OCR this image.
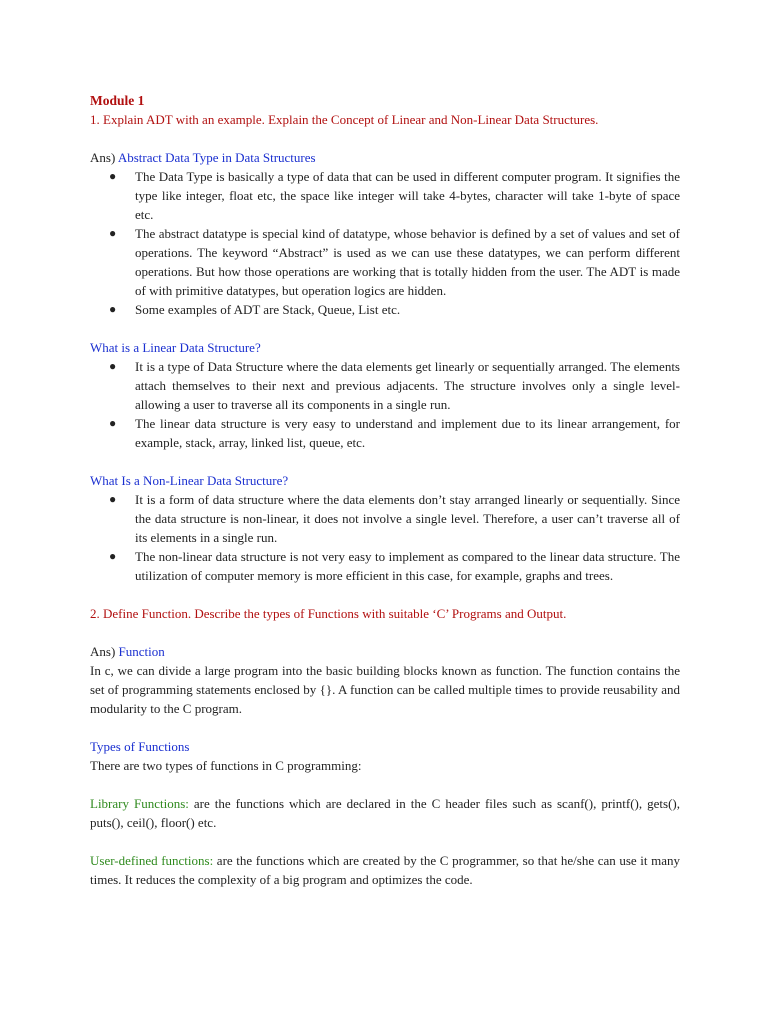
Module 1

1. Explain ADT with an example. Explain the Concept of Linear and Non-Linear Data Structures.

Ans) Abstract Data Type in Data Structures

● The Data Type is basically a type of data that can be used in different computer program. It signifies the type like integer, float etc, the space like integer will take 4-bytes, character will take 1-byte of space etc.
● The abstract datatype is special kind of datatype, whose behavior is defined by a set of values and set of operations. The keyword “Abstract” is used as we can use these datatypes, we can perform different operations. But how those operations are working that is totally hidden from the user. The ADT is made of with primitive datatypes, but operation logics are hidden.
● Some examples of ADT are Stack, Queue, List etc.

What is a Linear Data Structure?

● It is a type of Data Structure where the data elements get linearly or sequentially arranged. The elements attach themselves to their next and previous adjacents. The structure involves only a single level- allowing a user to traverse all its components in a single run.
● The linear data structure is very easy to understand and implement due to its linear arrangement, for example, stack, array, linked list, queue, etc.

What Is a Non-Linear Data Structure?

● It is a form of data structure where the data elements don’t stay arranged linearly or sequentially. Since the data structure is non-linear, it does not involve a single level. Therefore, a user can’t traverse all of its elements in a single run.
● The non-linear data structure is not very easy to implement as compared to the linear data structure. The utilization of computer memory is more efficient in this case, for example, graphs and trees.

2. Define Function. Describe the types of Functions with suitable ‘C’ Programs and Output.

Ans) Function

In c, we can divide a large program into the basic building blocks known as function. The function contains the set of programming statements enclosed by {}. A function can be called multiple times to provide reusability and modularity to the C program.

Types of Functions

There are two types of functions in C programming:

Library Functions: are the functions which are declared in the C header files such as scanf(), printf(), gets(), puts(), ceil(), floor() etc.

User-defined functions: are the functions which are created by the C programmer, so that he/she can use it many times. It reduces the complexity of a big program and optimizes the code.
